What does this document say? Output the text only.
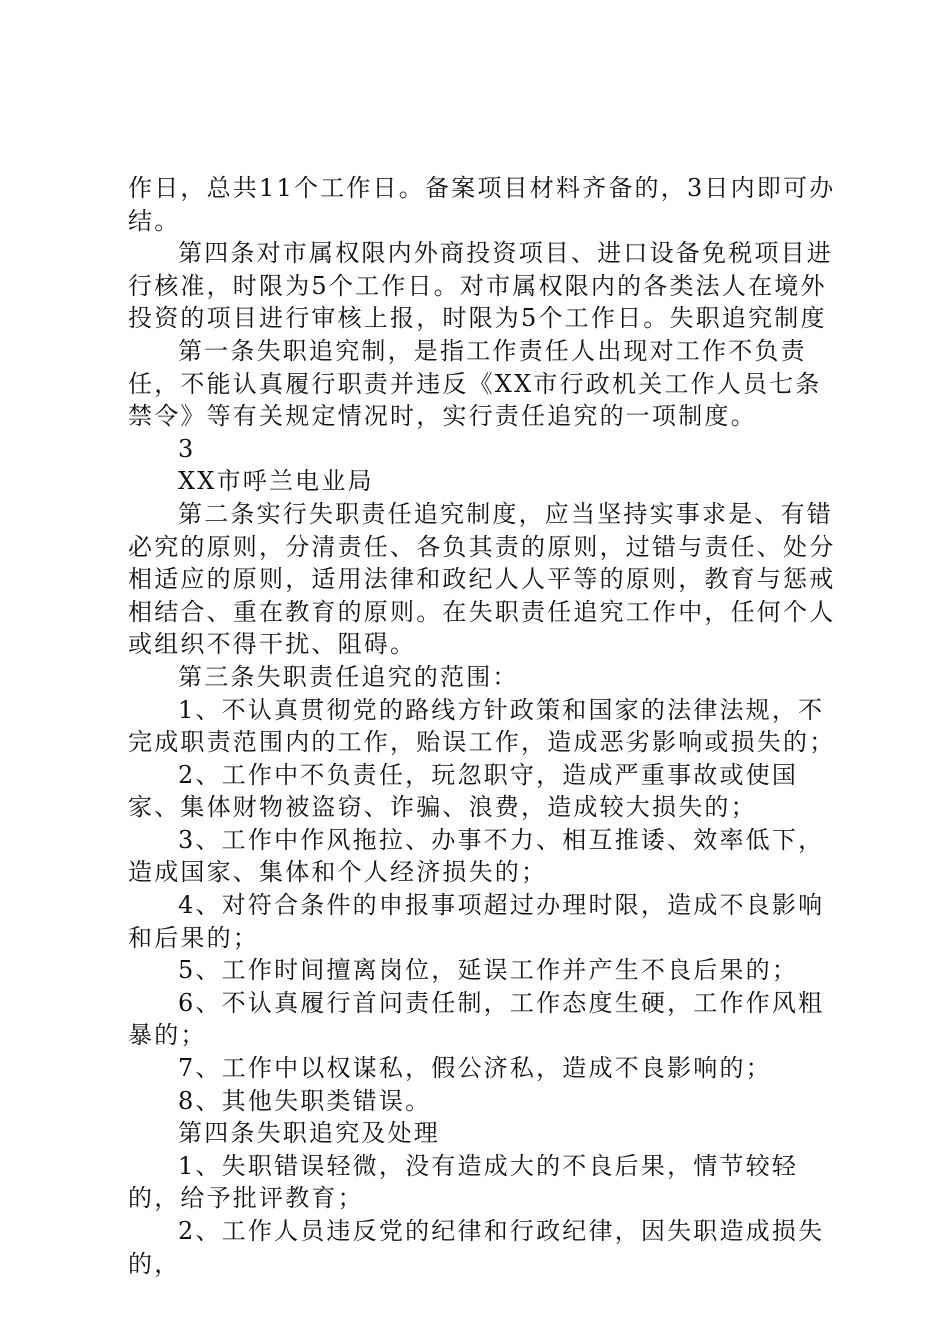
作日，总共11个工作日。备案项目材料齐备的，3日内即可办结。

第四条对市属权限内外商投资项目、进口设备免税项目进行核准，时限为5个工作日。对市属权限内的各类法人在境外投资的项目进行审核上报，时限为5个工作日。失职追究制度

第一条失职追究制，是指工作责任人出现对工作不负责任，不能认真履行职责并违反《XX市行政机关工作人员七条禁令》等有关规定情况时，实行责任追究的一项制度。

3

XX市呼兰电业局

第二条实行失职责任追究制度，应当坚持实事求是、有错必究的原则，分清责任、各负其责的原则，过错与责任、处分相适应的原则，适用法律和政纪人人平等的原则，教育与惩戒相结合、重在教育的原则。在失职责任追究工作中，任何个人或组织不得干扰、阻碍。

第三条失职责任追究的范围：

1、不认真贯彻党的路线方针政策和国家的法律法规，不完成职责范围内的工作，贻误工作，造成恶劣影响或损失的；

2、工作中不负责任，玩忽职守，造成严重事故或使国家、集体财物被盗窃、诈骗、浪费，造成较大损失的；

3、工作中作风拖拉、办事不力、相互推诿、效率低下，造成国家、集体和个人经济损失的；

4、对符合条件的申报事项超过办理时限，造成不良影响和后果的；

5、工作时间擅离岗位，延误工作并产生不良后果的；

6、不认真履行首问责任制，工作态度生硬，工作作风粗暴的；

7、工作中以权谋私，假公济私，造成不良影响的；

8、其他失职类错误。

第四条失职追究及处理

1、失职错误轻微，没有造成大的不良后果，情节较轻的，给予批评教育；

2、工作人员违反党的纪律和行政纪律，因失职造成损失的，
